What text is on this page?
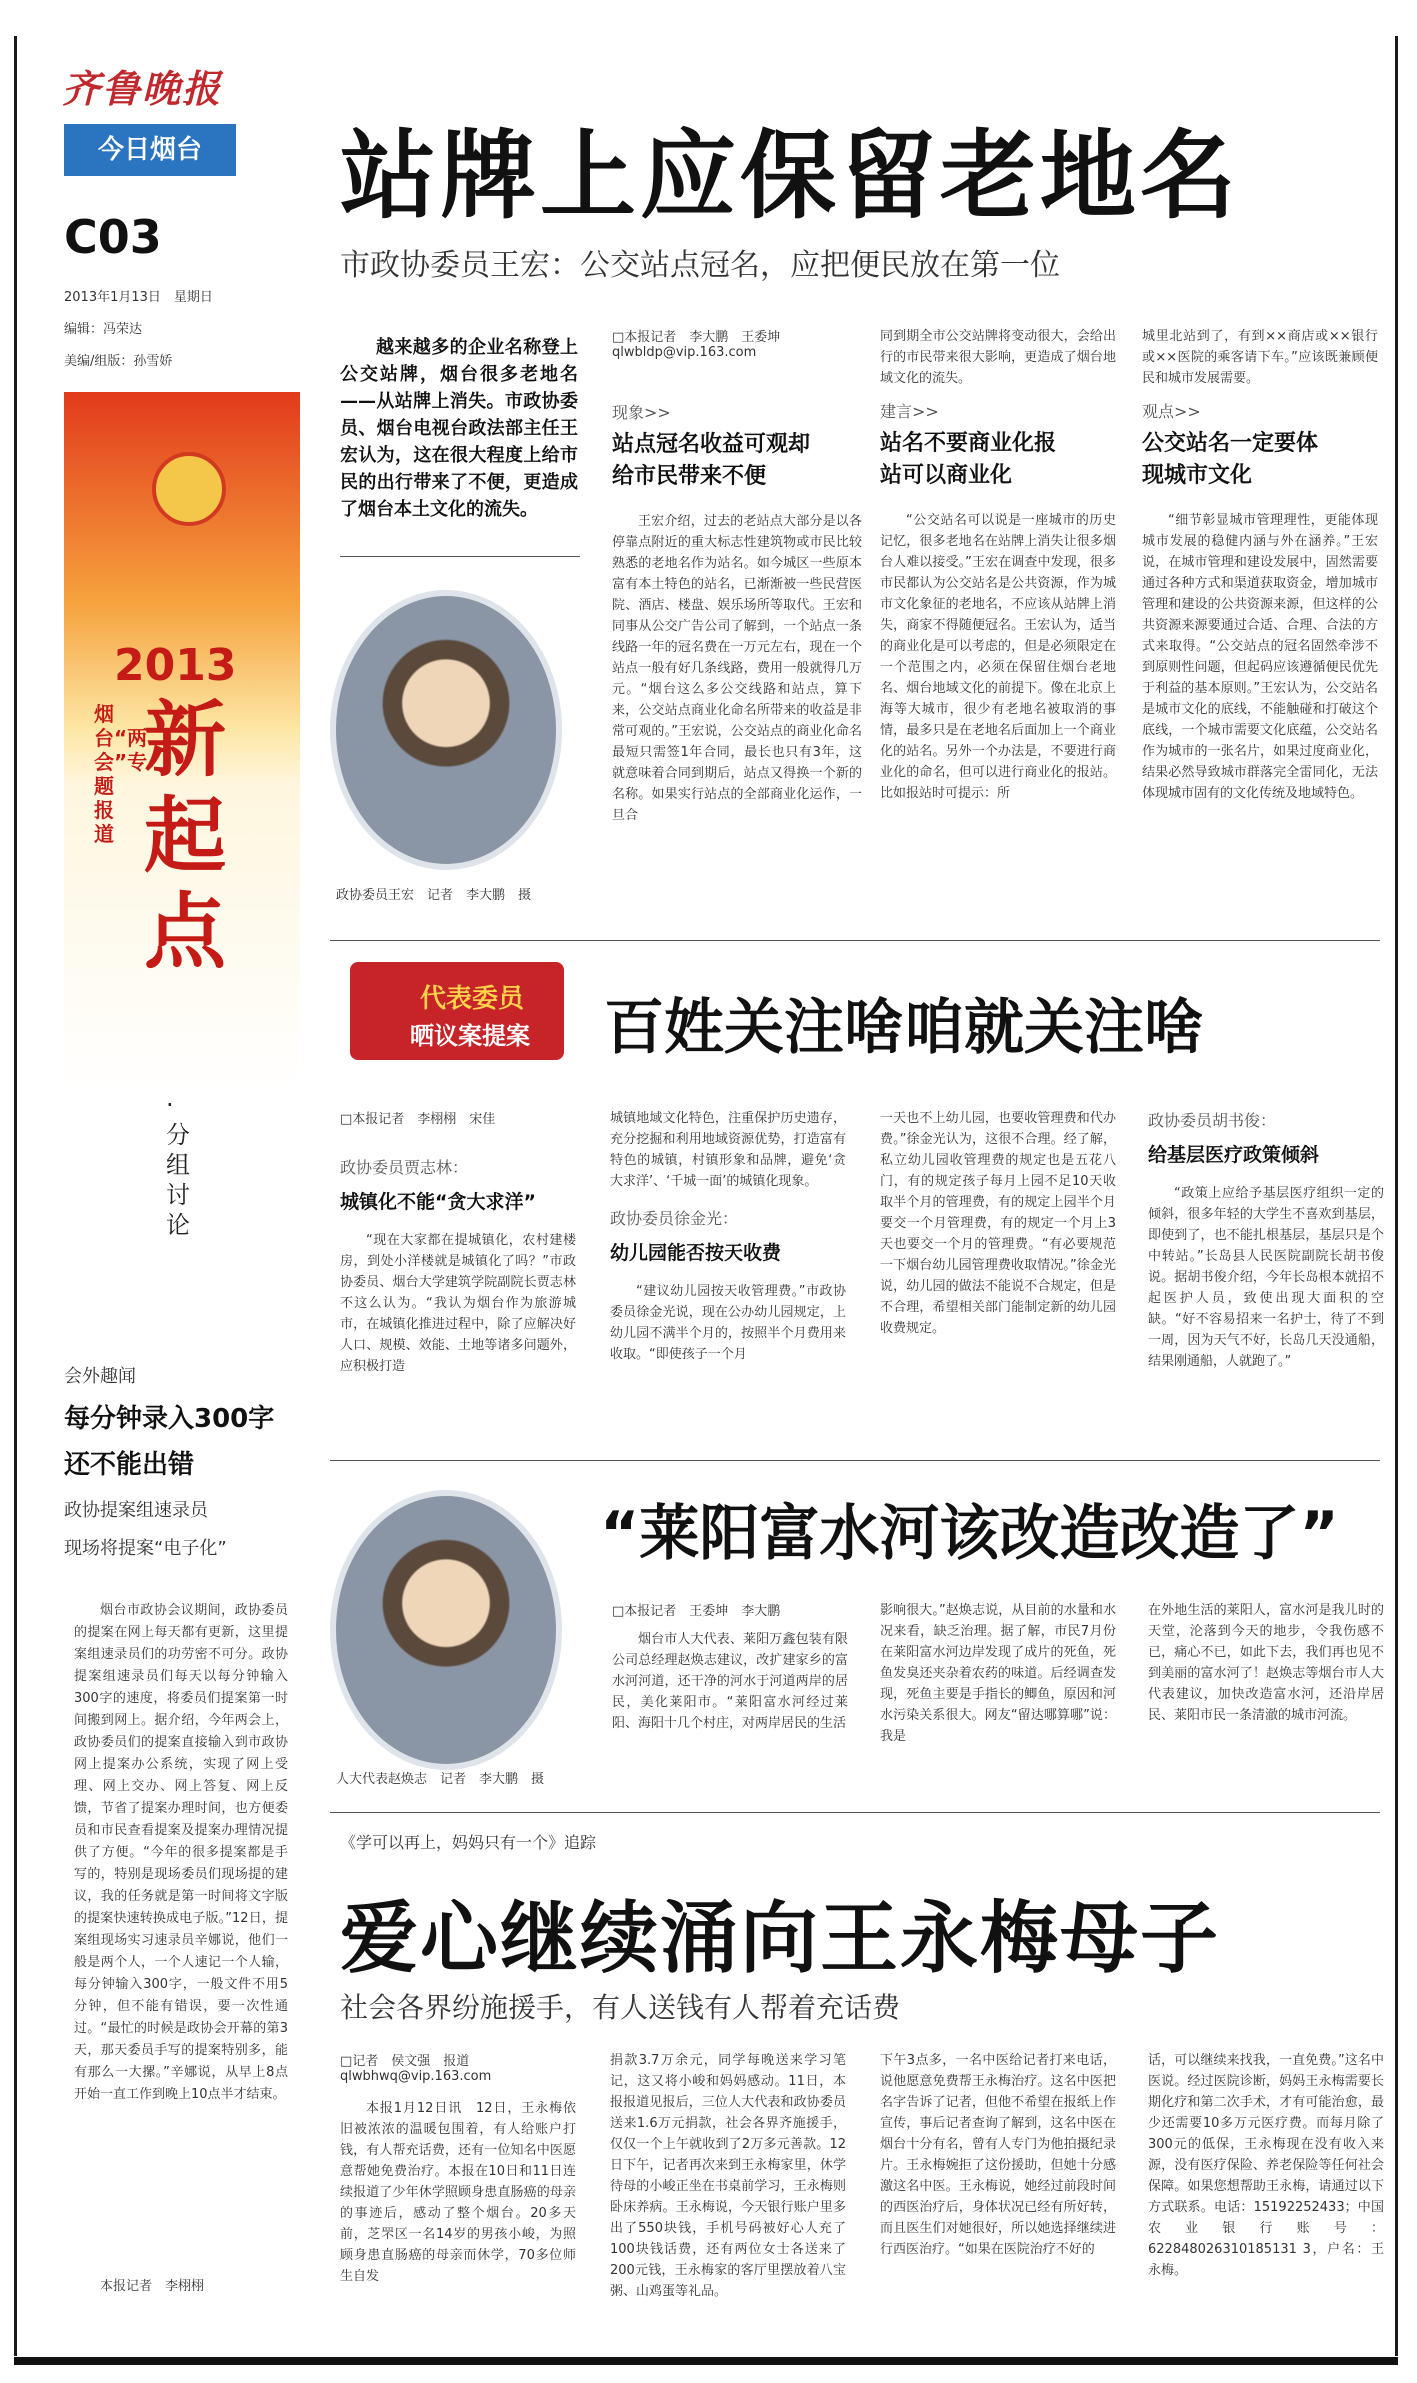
齐鲁晚报
今日烟台
C03
2013年1月13日　星期日
编辑：冯荣达
美编/组版：孙雪娇
2013
烟台“两会”专题报道
新起点
·分组讨论
会外趣闻
每分钟录入300字
还不能出错
政协提案组速录员
现场将提案“电子化”
烟台市政协会议期间，政协委员的提案在网上每天都有更新，这里提案组速录员们的功劳密不可分。政协提案组速录员们每天以每分钟输入300字的速度，将委员们提案第一时间搬到网上。据介绍，今年两会上，政协委员们的提案直接输入到市政协网上提案办公系统，实现了网上受理、网上交办、网上答复、网上反馈，节省了提案办理时间，也方便委员和市民查看提案及提案办理情况提供了方便。“今年的很多提案都是手写的，特别是现场委员们现场提的建议，我的任务就是第一时间将文字版的提案快速转换成电子版。”12日，提案组现场实习速录员辛娜说，他们一般是两个人，一个人速记一个人输，每分钟输入300字，一般文件不用5分钟，但不能有错误，要一次性通过。“最忙的时候是政协会开幕的第3天，那天委员手写的提案特别多，能有那么一大摞。”辛娜说，从早上8点开始一直工作到晚上10点半才结束。
本报记者　李栩栩
站牌上应保留老地名
市政协委员王宏：公交站点冠名，应把便民放在第一位
越来越多的企业名称登上公交站牌，烟台很多老地名——从站牌上消失。市政协委员、烟台电视台政法部主任王宏认为，这在很大程度上给市民的出行带来了不便，更造成了烟台本土文化的流失。
政协委员王宏　记者　李大鹏　摄
□本报记者　李大鹏　王委坤
qlwbldp@vip.163.com
现象>>
站点冠名收益可观却给市民带来不便
王宏介绍，过去的老站点大部分是以各停靠点附近的重大标志性建筑物或市民比较熟悉的老地名作为站名。如今城区一些原本富有本土特色的站名，已渐渐被一些民营医院、酒店、楼盘、娱乐场所等取代。王宏和同事从公交广告公司了解到，一个站点一条线路一年的冠名费在一万元左右，现在一个站点一般有好几条线路，费用一般就得几万元。“烟台这么多公交线路和站点，算下来，公交站点商业化命名所带来的收益是非常可观的。”王宏说，公交站点的商业化命名最短只需签1年合同，最长也只有3年，这就意味着合同到期后，站点又得换一个新的名称。如果实行站点的全部商业化运作，一旦合
同到期全市公交站牌将变动很大，会给出行的市民带来很大影响，更造成了烟台地域文化的流失。
建言>>
站名不要商业化报站可以商业化
“公交站名可以说是一座城市的历史记忆，很多老地名在站牌上消失让很多烟台人难以接受。”王宏在调查中发现，很多市民都认为公交站名是公共资源，作为城市文化象征的老地名，不应该从站牌上消失，商家不得随便冠名。王宏认为，适当的商业化是可以考虑的，但是必须限定在一个范围之内，必须在保留住烟台老地名、烟台地域文化的前提下。像在北京上海等大城市，很少有老地名被取消的事情，最多只是在老地名后面加上一个商业化的站名。另外一个办法是，不要进行商业化的命名，但可以进行商业化的报站。比如报站时可提示：所
城里北站到了，有到××商店或××银行或××医院的乘客请下车。”应该既兼顾便民和城市发展需要。
观点>>
公交站名一定要体现城市文化
“细节彰显城市管理理性，更能体现城市发展的稳健内涵与外在涵养。”王宏说，在城市管理和建设发展中，固然需要通过各种方式和渠道获取资金，增加城市管理和建设的公共资源来源，但这样的公共资源来源要通过合适、合理、合法的方式来取得。“公交站点的冠名固然牵涉不到原则性问题，但起码应该遵循便民优先于利益的基本原则。”王宏认为，公交站名是城市文化的底线，不能触碰和打破这个底线，一个城市需要文化底蕴，公交站名作为城市的一张名片，如果过度商业化，结果必然导致城市群落完全雷同化，无法体现城市固有的文化传统及地域特色。
代表委员
晒议案提案 百姓关注啥咱就关注啥
□本报记者　李栩栩　宋佳
政协委员贾志林：
城镇化不能“贪大求洋”
“现在大家都在提城镇化，农村建楼房，到处小洋楼就是城镇化了吗？”市政协委员、烟台大学建筑学院副院长贾志林不这么认为。“我认为烟台作为旅游城市，在城镇化推进过程中，除了应解决好人口、规模、效能、土地等诸多问题外，应积极打造
城镇地域文化特色，注重保护历史遗存，充分挖掘和利用地域资源优势，打造富有特色的城镇，村镇形象和品牌，避免‘贪大求洋’、‘千城一面’的城镇化现象。
政协委员徐金光：
幼儿园能否按天收费
“建议幼儿园按天收管理费。”市政协委员徐金光说，现在公办幼儿园规定，上幼儿园不满半个月的，按照半个月费用来收取。“即使孩子一个月
一天也不上幼儿园，也要收管理费和代办费。”徐金光认为，这很不合理。经了解，私立幼儿园收管理费的规定也是五花八门，有的规定孩子每月上园不足10天收取半个月的管理费，有的规定上园半个月要交一个月管理费，有的规定一个月上3天也要交一个月的管理费。“有必要规范一下烟台幼儿园管理费收取情况。”徐金光说，幼儿园的做法不能说不合规定，但是不合理，希望相关部门能制定新的幼儿园收费规定。
政协委员胡书俊：
给基层医疗政策倾斜
“政策上应给予基层医疗组织一定的倾斜，很多年轻的大学生不喜欢到基层，即使到了，也不能扎根基层，基层只是个中转站。”长岛县人民医院副院长胡书俊说。据胡书俊介绍，今年长岛根本就招不起医护人员，致使出现大面积的空缺。“好不容易招来一名护士，待了不到一周，因为天气不好，长岛几天没通船，结果刚通船，人就跑了。”
“莱阳富水河该改造改造了”
人大代表赵焕志　记者　李大鹏　摄
□本报记者　王委坤　李大鹏
烟台市人大代表、莱阳万鑫包装有限公司总经理赵焕志建议，改扩建家乡的富水河河道，还干净的河水于河道两岸的居民，美化莱阳市。“莱阳富水河经过莱阳、海阳十几个村庄，对两岸居民的生活
影响很大。”赵焕志说，从目前的水量和水况来看，缺乏治理。据了解，市民7月份在莱阳富水河边岸发现了成片的死鱼，死鱼发臭还夹杂着农药的味道。后经调查发现，死鱼主要是手指长的鲫鱼，原因和河水污染关系很大。网友“留达哪算哪”说：我是
在外地生活的莱阳人，富水河是我儿时的天堂，沦落到今天的地步，令我伤感不已，痛心不已，如此下去，我们再也见不到美丽的富水河了！赵焕志等烟台市人大代表建议，加快改造富水河，还沿岸居民、莱阳市民一条清澈的城市河流。
《学可以再上，妈妈只有一个》追踪
爱心继续涌向王永梅母子
社会各界纷施援手，有人送钱有人帮着充话费
□记者　侯文强　报道
qlwbhwq@vip.163.com
本报1月12日讯　12日，王永梅依旧被浓浓的温暖包围着，有人给账户打钱，有人帮充话费，还有一位知名中医愿意帮她免费治疗。本报在10日和11日连续报道了少年休学照顾身患直肠癌的母亲的事迹后，感动了整个烟台。20多天前，芝罘区一名14岁的男孩小峻，为照顾身患直肠癌的母亲而休学，70多位师生自发
捐款3.7万余元，同学每晚送来学习笔记，这又将小峻和妈妈感动。11日，本报报道见报后，三位人大代表和政协委员送来1.6万元捐款，社会各界齐施援手，仅仅一个上午就收到了2万多元善款。12日下午，记者再次来到王永梅家里，休学待母的小峻正坐在书桌前学习，王永梅则卧床养病。王永梅说，今天银行账户里多出了550块钱，手机号码被好心人充了100块钱话费，还有两位女士各送来了200元钱，王永梅家的客厅里摆放着八宝粥、山鸡蛋等礼品。
下午3点多，一名中医给记者打来电话，说他愿意免费帮王永梅治疗。这名中医把名字告诉了记者，但他不希望在报纸上作宣传，事后记者查询了解到，这名中医在烟台十分有名，曾有人专门为他拍摄纪录片。王永梅婉拒了这份援助，但她十分感激这名中医。王永梅说，她经过前段时间的西医治疗后，身体状况已经有所好转，而且医生们对她很好，所以她选择继续进行西医治疗。“如果在医院治疗不好的
话，可以继续来找我，一直免费。”这名中医说。经过医院诊断，妈妈王永梅需要长期化疗和第二次手术，才有可能治愈，最少还需要10多万元医疗费。而每月除了300元的低保，王永梅现在没有收入来源，没有医疗保险、养老保险等任何社会保障。如果您想帮助王永梅，请通过以下方式联系。电话：15192252433；中国农业银行账号：622848026310185131 3，户名：王永梅。
